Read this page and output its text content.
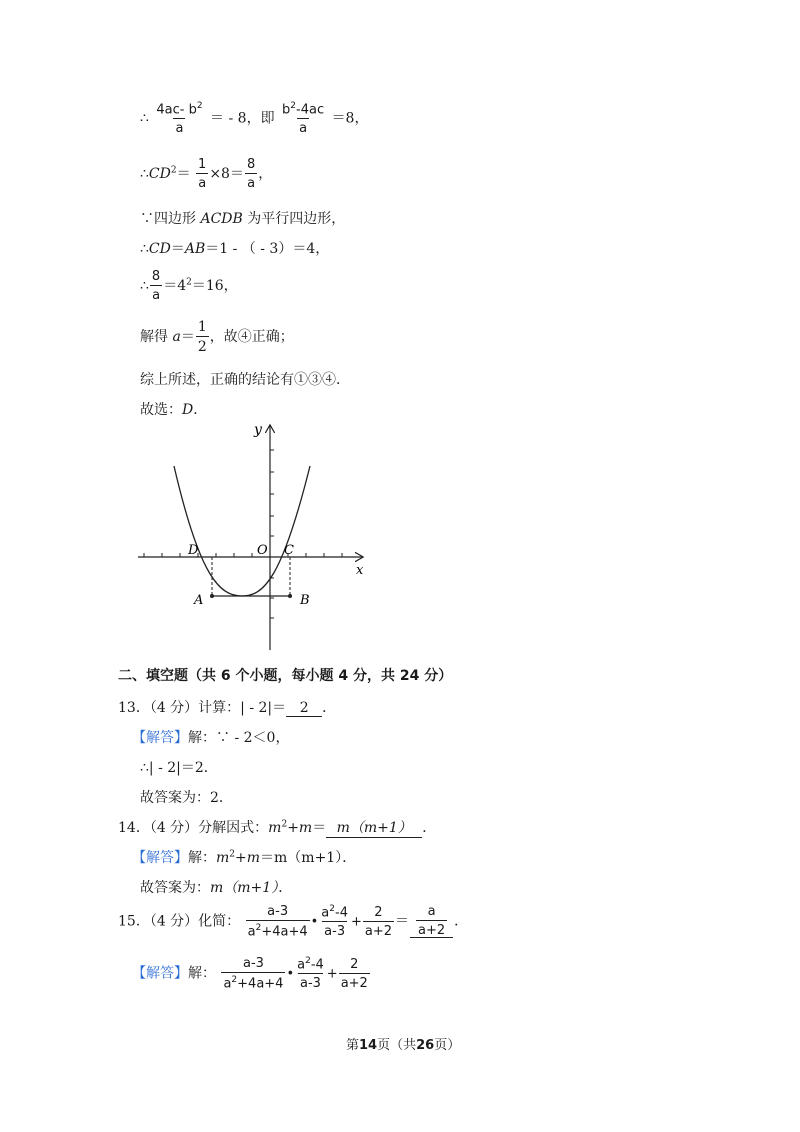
∴ $\frac{4ac- b^2}{a}$ ＝ - 8，即 $\frac{b^2-4ac}{a} =8$，
$\therefore CD^2= \frac{1}{a} \times 8= \frac{8}{a}$ ，
∵四边形 ACDB 为平行四边形，
∴CD＝AB＝1 - （ - 3）＝4，
∴ $\frac{8}{a} =4^2=16$，
解得 $a= \frac{1}{2}$ ，故④正确；
综上所述，正确的结论有①③④．
故选：D．
y
x
O
D	C
A	B
二、填空题（共 6 个小题，每小题 4 分，共 24 分）
13．（4 分）计算：| - 2|＝ 2 ．
【解答】解：∵ - 2＜0，
∴| - 2|＝2．
故答案为：2．
14．（4 分）分解因式：$m^2+m= m(m+1)$ ．
【解答】解：$m^2+m=m(m+1)$．
故答案为：m（m+1）．
15．（4 分）化简： $\frac{a-3}{a^2+4a+4}$ • $\frac{a^2-4}{a-3} + \frac{2}{a+2} = \frac{a}{a+2}$ ．
【解答】解： $\frac{a-3}{a^2+4a+4}$ • $\frac{a^2-4}{a-3} + \frac{2}{a+2}$
第14页（共26页）
